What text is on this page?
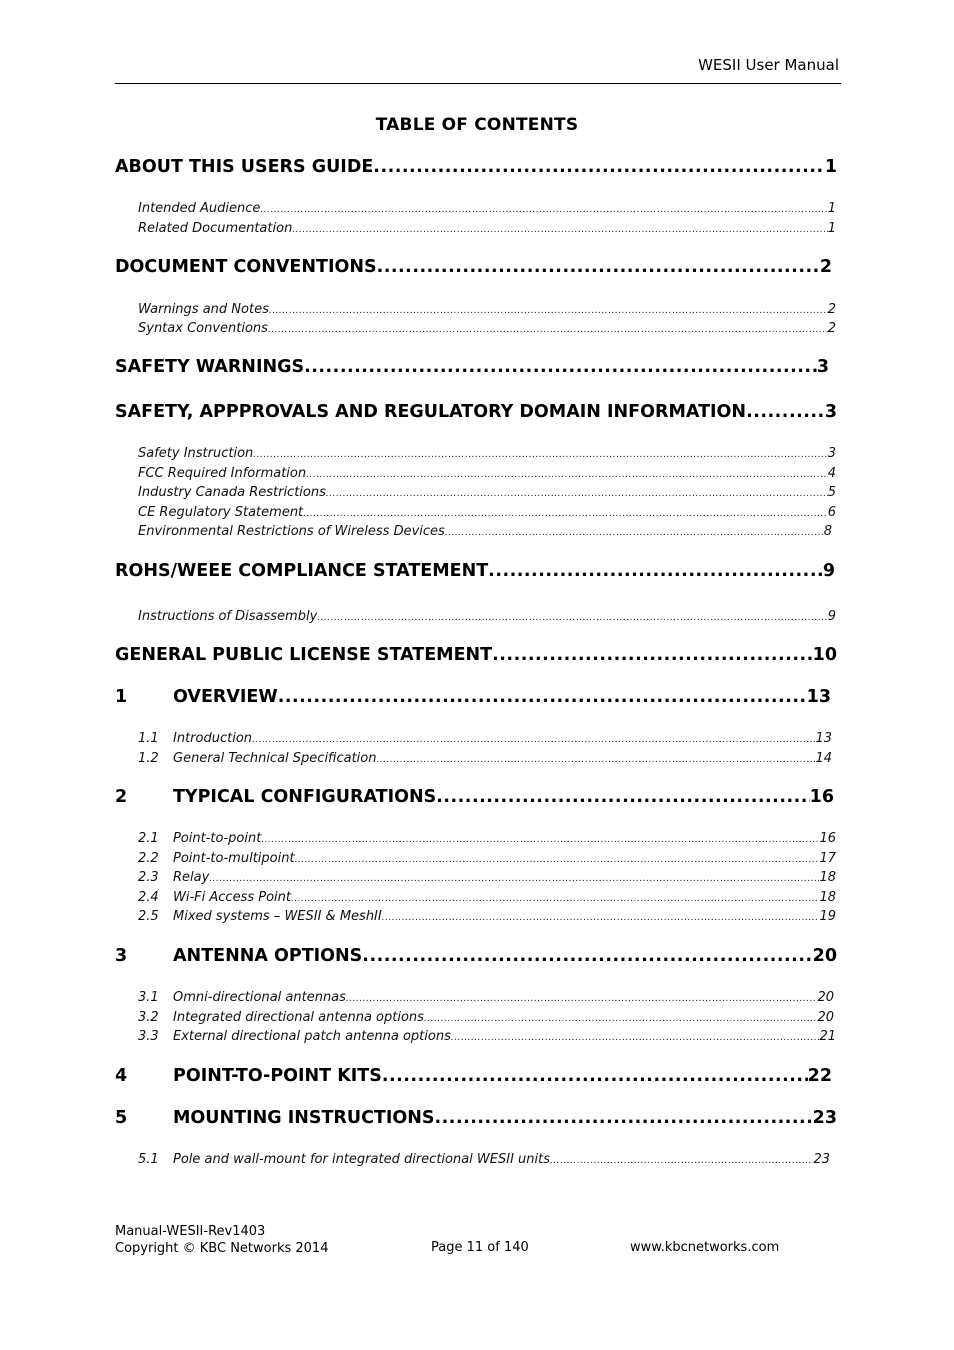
WESII User Manual
TABLE OF CONTENTS
ABOUT THIS USERS GUIDE .....	1
Intended Audience .....	1
Related Documentation .....	1
DOCUMENT CONVENTIONS .....	2
Warnings and Notes .....	2
Syntax Conventions .....	2
SAFETY WARNINGS .....	3
SAFETY, APPPROVALS AND REGULATORY DOMAIN INFORMATION .....	3
Safety Instruction .....	3
FCC Required Information .....	4
Industry Canada Restrictions .....	5
CE Regulatory Statement .....	6
Environmental Restrictions of Wireless Devices .....	8
ROHS/WEEE COMPLIANCE STATEMENT .....	9
Instructions of Disassembly .....	9
GENERAL PUBLIC LICENSE STATEMENT .....	10
1	OVERVIEW .....	13
1.1	Introduction .....	13
1.2	General Technical Specification .....	14
2	TYPICAL CONFIGURATIONS .....	16
2.1	Point-to-point .....	16
2.2	Point-to-multipoint .....	17
2.3	Relay .....	18
2.4	Wi-Fi Access Point .....	18
2.5	Mixed systems – WESII & MeshII .....	19
3	ANTENNA OPTIONS .....	20
3.1	Omni-directional antennas .....	20
3.2	Integrated directional antenna options .....	20
3.3	External directional patch antenna options .....	21
4	POINT-TO-POINT KITS .....	22
5	MOUNTING INSTRUCTIONS .....	23
5.1	Pole and wall-mount for integrated directional WESII units .....	23
Manual-WESII-Rev1403
Copyright © KBC Networks 2014	Page 11 of 140	www.kbcnetworks.com
